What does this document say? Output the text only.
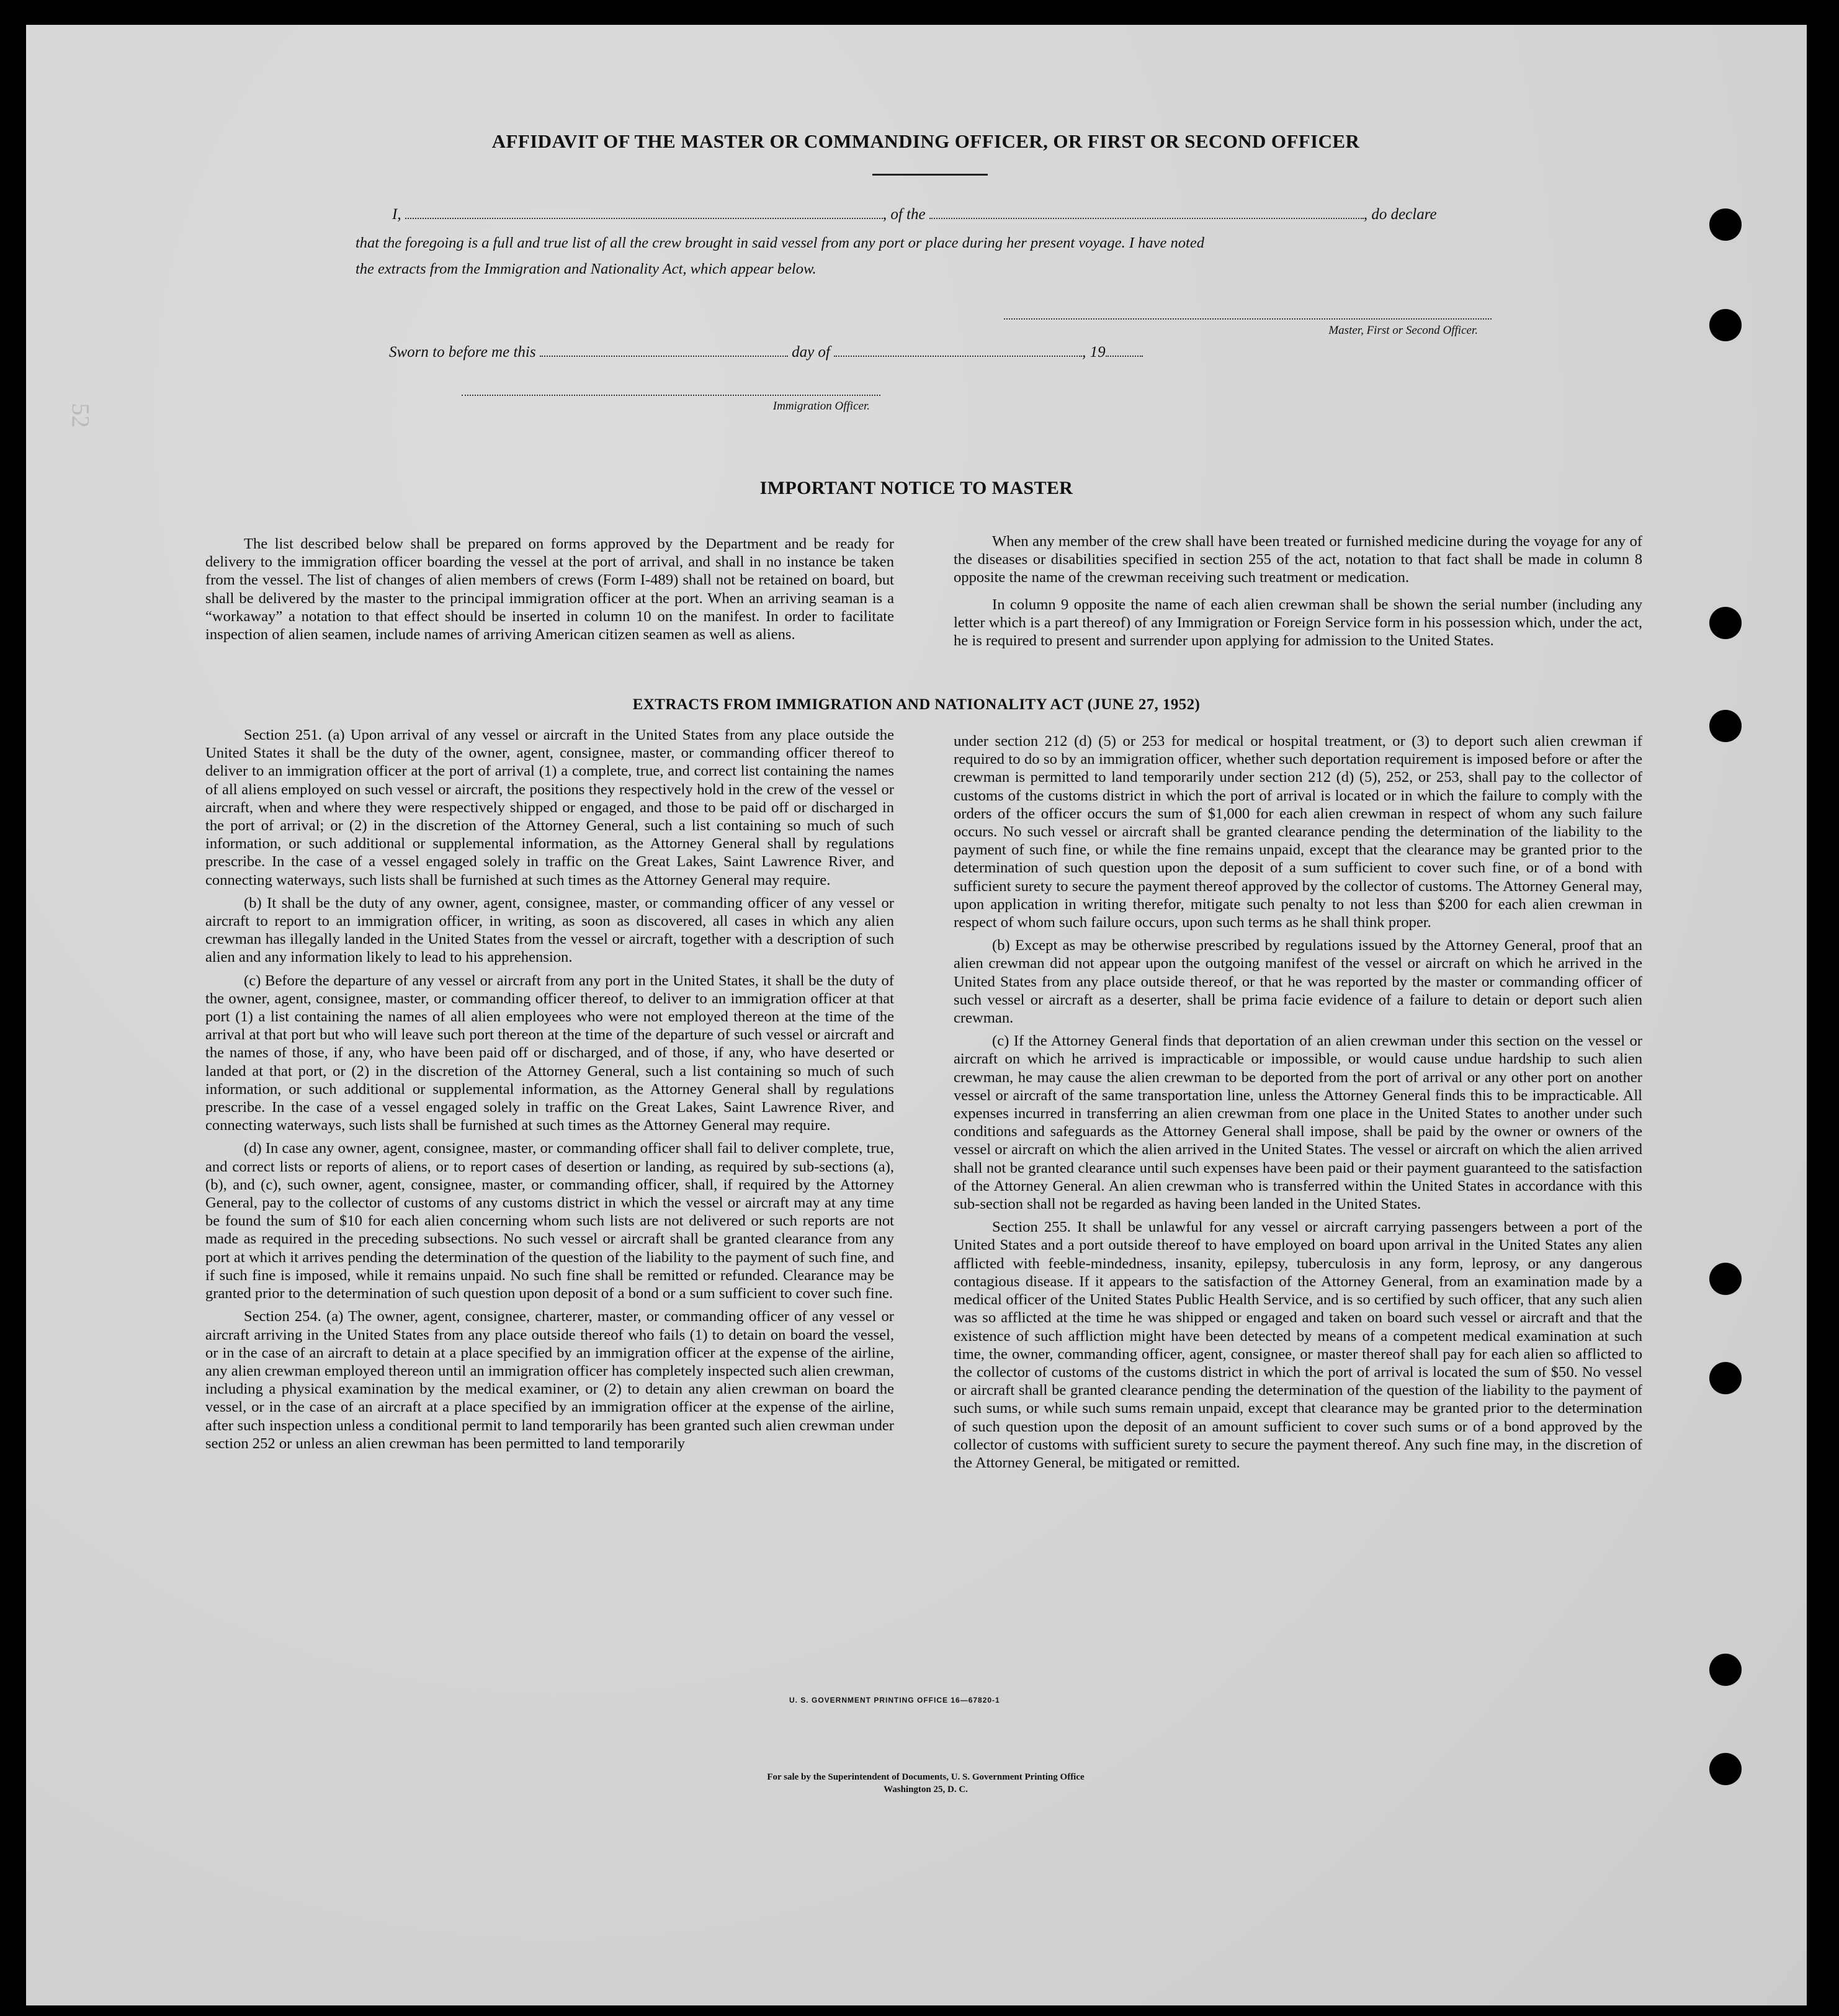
52
AFFIDAVIT OF THE MASTER OR COMMANDING OFFICER, OR FIRST OR SECOND OFFICER
I,	, of the	, do declare
that the foregoing is a full and true list of all the crew brought in said vessel from any port or place during her present voyage. I have noted
the extracts from the Immigration and Nationality Act, which appear below.
Master, First or Second Officer.
Sworn to before me this	day of	, 19
Immigration Officer.
IMPORTANT NOTICE TO MASTER

The list described below shall be prepared on forms approved by the Department and be ready for delivery to the immigration officer boarding the vessel at the port of arrival, and shall in no instance be taken from the vessel. The list of changes of alien members of crews (Form I-489) shall not be retained on board, but shall be delivered by the master to the principal immigration officer at the port. When an arriving seaman is a “workaway” a notation to that effect should be inserted in column 10 on the manifest. In order to facilitate inspection of alien seamen, include names of arriving American citizen seamen as well as aliens.

When any member of the crew shall have been treated or furnished medicine during the voyage for any of the diseases or disabilities specified in section 255 of the act, notation to that fact shall be made in column 8 opposite the name of the crewman receiving such treatment or medication.

In column 9 opposite the name of each alien crewman shall be shown the serial number (including any letter which is a part thereof) of any Immigration or Foreign Service form in his possession which, under the act, he is required to present and surrender upon applying for admission to the United States.

EXTRACTS FROM IMMIGRATION AND NATIONALITY ACT (JUNE 27, 1952)

Section 251. (a) Upon arrival of any vessel or aircraft in the United States from any place outside the United States it shall be the duty of the owner, agent, consignee, master, or commanding officer thereof to deliver to an immigration officer at the port of arrival (1) a complete, true, and correct list containing the names of all aliens employed on such vessel or aircraft, the positions they respectively hold in the crew of the vessel or aircraft, when and where they were respectively shipped or engaged, and those to be paid off or discharged in the port of arrival; or (2) in the discretion of the Attorney General, such a list containing so much of such information, or such additional or supplemental information, as the Attorney General shall by regulations prescribe. In the case of a vessel engaged solely in traffic on the Great Lakes, Saint Lawrence River, and connecting waterways, such lists shall be furnished at such times as the Attorney General may require.

(b) It shall be the duty of any owner, agent, consignee, master, or commanding officer of any vessel or aircraft to report to an immigration officer, in writing, as soon as discovered, all cases in which any alien crewman has illegally landed in the United States from the vessel or aircraft, together with a description of such alien and any information likely to lead to his apprehension.

(c) Before the departure of any vessel or aircraft from any port in the United States, it shall be the duty of the owner, agent, consignee, master, or commanding officer thereof, to deliver to an immigration officer at that port (1) a list containing the names of all alien employees who were not employed thereon at the time of the arrival at that port but who will leave such port thereon at the time of the departure of such vessel or aircraft and the names of those, if any, who have been paid off or discharged, and of those, if any, who have deserted or landed at that port, or (2) in the discretion of the Attorney General, such a list containing so much of such information, or such additional or supplemental information, as the Attorney General shall by regulations prescribe. In the case of a vessel engaged solely in traffic on the Great Lakes, Saint Lawrence River, and connecting waterways, such lists shall be furnished at such times as the Attorney General may require.

(d) In case any owner, agent, consignee, master, or commanding officer shall fail to deliver complete, true, and correct lists or reports of aliens, or to report cases of desertion or landing, as required by sub-sections (a), (b), and (c), such owner, agent, consignee, master, or commanding officer, shall, if required by the Attorney General, pay to the collector of customs of any customs district in which the vessel or aircraft may at any time be found the sum of $10 for each alien concerning whom such lists are not delivered or such reports are not made as required in the preceding subsections. No such vessel or aircraft shall be granted clearance from any port at which it arrives pending the determination of the question of the liability to the payment of such fine, and if such fine is imposed, while it remains unpaid. No such fine shall be remitted or refunded. Clearance may be granted prior to the determination of such question upon deposit of a bond or a sum sufficient to cover such fine.

Section 254. (a) The owner, agent, consignee, charterer, master, or commanding officer of any vessel or aircraft arriving in the United States from any place outside thereof who fails (1) to detain on board the vessel, or in the case of an aircraft to detain at a place specified by an immigration officer at the expense of the airline, any alien crewman employed thereon until an immigration officer has completely inspected such alien crewman, including a physical examination by the medical examiner, or (2) to detain any alien crewman on board the vessel, or in the case of an aircraft at a place specified by an immigration officer at the expense of the airline, after such inspection unless a conditional permit to land temporarily has been granted such alien crewman under section 252 or unless an alien crewman has been permitted to land temporarily

under section 212 (d) (5) or 253 for medical or hospital treatment, or (3) to deport such alien crewman if required to do so by an immigration officer, whether such deportation requirement is imposed before or after the crewman is permitted to land temporarily under section 212 (d) (5), 252, or 253, shall pay to the collector of customs of the customs district in which the port of arrival is located or in which the failure to comply with the orders of the officer occurs the sum of $1,000 for each alien crewman in respect of whom any such failure occurs. No such vessel or aircraft shall be granted clearance pending the determination of the liability to the payment of such fine, or while the fine remains unpaid, except that the clearance may be granted prior to the determination of such question upon the deposit of a sum sufficient to cover such fine, or of a bond with sufficient surety to secure the payment thereof approved by the collector of customs. The Attorney General may, upon application in writing therefor, mitigate such penalty to not less than $200 for each alien crewman in respect of whom such failure occurs, upon such terms as he shall think proper.

(b) Except as may be otherwise prescribed by regulations issued by the Attorney General, proof that an alien crewman did not appear upon the outgoing manifest of the vessel or aircraft on which he arrived in the United States from any place outside thereof, or that he was reported by the master or commanding officer of such vessel or aircraft as a deserter, shall be prima facie evidence of a failure to detain or deport such alien crewman.

(c) If the Attorney General finds that deportation of an alien crewman under this section on the vessel or aircraft on which he arrived is impracticable or impossible, or would cause undue hardship to such alien crewman, he may cause the alien crewman to be deported from the port of arrival or any other port on another vessel or aircraft of the same transportation line, unless the Attorney General finds this to be impracticable. All expenses incurred in transferring an alien crewman from one place in the United States to another under such conditions and safeguards as the Attorney General shall impose, shall be paid by the owner or owners of the vessel or aircraft on which the alien arrived in the United States. The vessel or aircraft on which the alien arrived shall not be granted clearance until such expenses have been paid or their payment guaranteed to the satisfaction of the Attorney General. An alien crewman who is transferred within the United States in accordance with this sub-section shall not be regarded as having been landed in the United States.

Section 255. It shall be unlawful for any vessel or aircraft carrying passengers between a port of the United States and a port outside thereof to have employed on board upon arrival in the United States any alien afflicted with feeble-mindedness, insanity, epilepsy, tuberculosis in any form, leprosy, or any dangerous contagious disease. If it appears to the satisfaction of the Attorney General, from an examination made by a medical officer of the United States Public Health Service, and is so certified by such officer, that any such alien was so afflicted at the time he was shipped or engaged and taken on board such vessel or aircraft and that the existence of such affliction might have been detected by means of a competent medical examination at such time, the owner, commanding officer, agent, consignee, or master thereof shall pay for each alien so afflicted to the collector of customs of the customs district in which the port of arrival is located the sum of $50. No vessel or aircraft shall be granted clearance pending the determination of the question of the liability to the payment of such sums, or while such sums remain unpaid, except that clearance may be granted prior to the determination of such question upon the deposit of an amount sufficient to cover such sums or of a bond approved by the collector of customs with sufficient surety to secure the payment thereof. Any such fine may, in the discretion of the Attorney General, be mitigated or remitted.

U. S. GOVERNMENT PRINTING OFFICE 16—67820-1
For sale by the Superintendent of Documents, U. S. Government Printing Office
Washington 25, D. C.
